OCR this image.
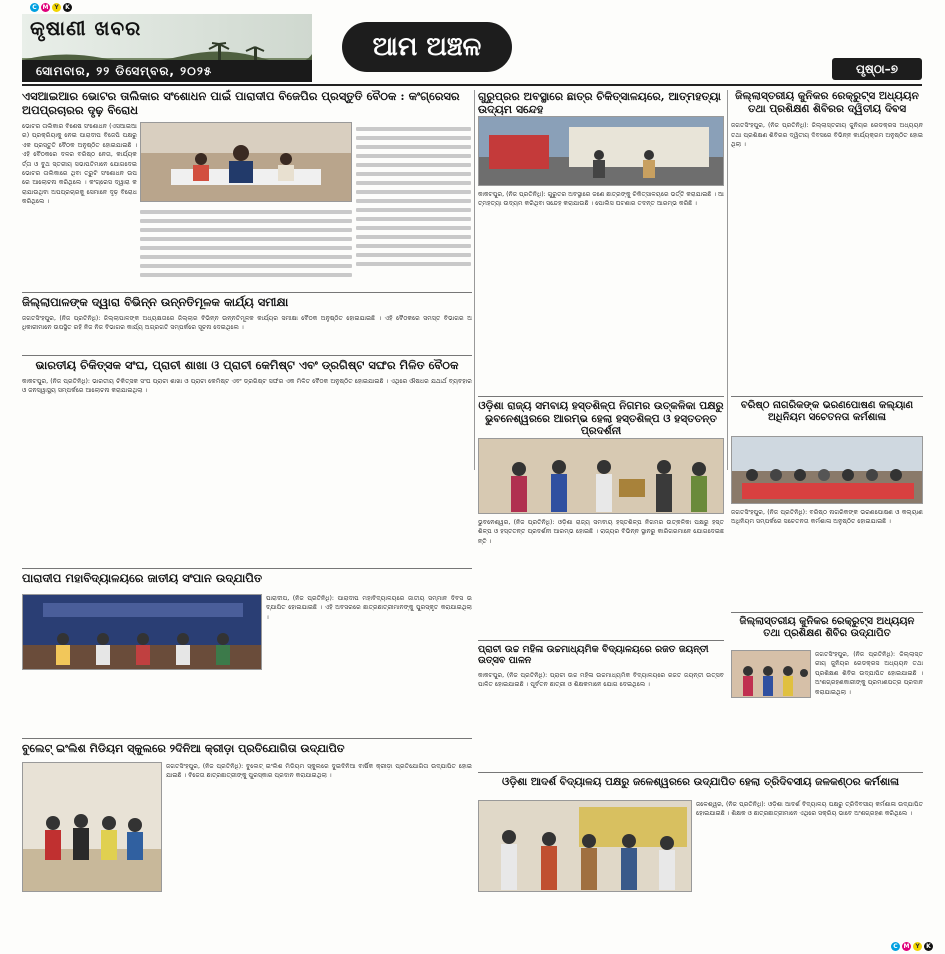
C M Y	K
C M Y	K
କୃଷାଣୀ ଖବର
ସୋମବାର, ୨୨ ଡିସେମ୍ବର, ୨୦୨୫
ଆମ ଅଞ୍ଚଳ
ପୃଷ୍ଠା–୭
ଏସଆଇଆର ଭୋଟର ତାଲିକାର ସଂଶୋଧନ ପାଇଁ ପାରାଦୀପ ବିଜେପିର ପ୍ରସ୍ତୁତି ବୈଠକ : କଂଗ୍ରେସର ଅପପ୍ରଚାରର ଦୃଢ଼ ବିରୋଧ
ଭୋଟର ତାଲିକାର ବିଶେଷ ସଂଶୋଧନ (ଏସଆଇଆର) ପ୍ରକ୍ରିୟାକୁ ନେଇ ପାରାଦୀପ ବିଜେପି ପକ୍ଷରୁ ଏକ ପ୍ରସ୍ତୁତି ବୈଠକ ଅନୁଷ୍ଠିତ ହୋଇଯାଇଛି । ଏହି ବୈଠକରେ ଦଳର ବରିଷ୍ଠ ନେତା, କାର୍ଯ୍ୟକର୍ତ୍ତା ଓ ବୁଥ ସ୍ତରୀୟ ସଭାପତିମାନେ ଯୋଗଦେଇ ଭୋଟର ତାଲିକାରେ ଥିବା ତ୍ରୁଟି ସଂଶୋଧନ ଉପରେ ଆଲୋଚନା କରିଥିଲେ । କଂଗ୍ରେସ ଦ୍ୱାରା କରାଯାଉଥିବା ଅପପ୍ରଚାରକୁ ସେମାନେ ଦୃଢ଼ ବିରୋଧ କରିଥିଲେ ।
ଜିଲ୍ଲାପାଳଙ୍କ ଦ୍ୱାରା ବିଭିନ୍ନ ଉନ୍ନତିମୂଳକ କାର୍ଯ୍ୟ ସମୀକ୍ଷା
ଜଗତସିଂହପୁର, (ନିଜ ପ୍ରତିନିଧି): ଜିଲ୍ଲାପାଳଙ୍କ ଅଧ୍ୟକ୍ଷତାରେ ଜିଲ୍ଲାର ବିଭିନ୍ନ ଉନ୍ନତିମୂଳକ କାର୍ଯ୍ୟର ସମୀକ୍ଷା ବୈଠକ ଅନୁଷ୍ଠିତ ହୋଇଯାଇଛି । ଏହି ବୈଠକରେ ସମସ୍ତ ବିଭାଗର ଅଧିକାରୀମାନେ ଉପସ୍ଥିତ ରହି ନିଜ ନିଜ ବିଭାଗର କାର୍ଯ୍ୟ ଅଗ୍ରଗତି ସମ୍ପର୍କରେ ସୂଚନା ଦେଇଥିଲେ ।
ଭାରତୀୟ ଚିକିତ୍ସକ ସଂଘ, ପ୍ରାଚୀ ଶାଖା ଓ ପ୍ରାଚୀ କେମିଷ୍ଟ ଏବଂ ଡ୍ରଗିଷ୍ଟ ସଙ୍ଘର ମିଳିତ ବୈଠକ
କାକଟପୁର, (ନିଜ ପ୍ରତିନିଧି): ଭାରତୀୟ ଚିକିତ୍ସକ ସଂଘ ପ୍ରାଚୀ ଶାଖା ଓ ପ୍ରାଚୀ କେମିଷ୍ଟ ଏବଂ ଡ୍ରଗିଷ୍ଟ ସଙ୍ଘର ଏକ ମିଳିତ ବୈଠକ ଅନୁଷ୍ଠିତ ହୋଇଯାଇଛି । ଏଥିରେ ଔଷଧର ଯଥାର୍ଥ ବ୍ୟବହାର ଓ ଜନସ୍ୱାସ୍ଥ୍ୟ ସମ୍ପର୍କରେ ଆଲୋଚନା କରାଯାଇଥିଲା ।
ପାରାଦୀପ ମହାବିଦ୍ୟାଳୟରେ ଜାତୀୟ ସଂପାନ ଉଦ୍‌ଯାପିତ
ପାରାଦୀପ, (ନିଜ ପ୍ରତିନିଧି): ପାରାଦୀପ ମହାବିଦ୍ୟାଳୟରେ ଜାତୀୟ ସମ୍ମାନ ଦିବସ ଉଦ୍‌ଯାପିତ ହୋଇଯାଇଛି । ଏହି ଅବସରରେ ଛାତ୍ରଛାତ୍ରୀମାନଙ୍କୁ ପୁରସ୍କୃତ କରାଯାଇଥିଲା ।
ବୁଲେଟ୍ ଇଂଲିଶ ମିଡିୟମ ସ୍କୁଲରେ ୨ଦିନିଆ କ୍ରୀଡ଼ା ପ୍ରତିଯୋଗିତା ଉଦ୍‌ଯାପିତ
ଜଗତସିଂହପୁର, (ନିଜ ପ୍ରତିନିଧି): ବୁଲେଟ୍ ଇଂଲିଶ ମିଡିୟମ ସ୍କୁଲରେ ଦୁଇଦିନିଆ ବାର୍ଷିକ କ୍ରୀଡ଼ା ପ୍ରତିଯୋଗିତା ଉଦ୍‌ଯାପିତ ହୋଇଯାଇଛି । ବିଜେତା ଛାତ୍ରଛାତ୍ରୀଙ୍କୁ ପୁରସ୍କାର ପ୍ରଦାନ କରାଯାଇଥିଲା ।
ଗୁରୁପ୍ରର ଅବସ୍ଥାରେ ଛାତ୍ର ଚିକିତ୍ସାଳୟରେ, ଆତ୍ମହତ୍ୟା ଉଦ୍ୟମ ସନ୍ଦେହ
କାକଟପୁର, (ନିଜ ପ୍ରତିନିଧି): ଗୁରୁତର ଅବସ୍ଥାରେ ଜଣେ ଛାତ୍ରଙ୍କୁ ଚିକିତ୍ସାଳୟରେ ଭର୍ତ୍ତି କରାଯାଇଛି । ଆତ୍ମହତ୍ୟା ଉଦ୍ୟମ କରିଥିବା ସନ୍ଦେହ କରାଯାଉଛି । ପୋଲିସ ଘଟଣାର ତଦନ୍ତ ଆରମ୍ଭ କରିଛି ।
ଓଡ଼ିଶା ରାଜ୍ୟ ସମବାୟ ହସ୍ତଶିଳ୍ପ ନିଗମର ଉତ୍କଳିକା ପକ୍ଷରୁ ଭୁବନେଶ୍ୱରରେ ଆରମ୍ଭ ହେଲା ହସ୍ତଶିଳ୍ପ ଓ ହସ୍ତତନ୍ତ ପ୍ରଦର୍ଶନୀ
ଭୁବନେଶ୍ୱର, (ନିଜ ପ୍ରତିନିଧି): ଓଡ଼ିଶା ରାଜ୍ୟ ସମବାୟ ହସ୍ତଶିଳ୍ପ ନିଗମର ଉତ୍କଳିକା ପକ୍ଷରୁ ହସ୍ତଶିଳ୍ପ ଓ ହସ୍ତତନ୍ତ ପ୍ରଦର୍ଶନୀ ଆରମ୍ଭ ହୋଇଛି । ରାଜ୍ୟର ବିଭିନ୍ନ ସ୍ଥାନରୁ କାରିଗରମାନେ ଯୋଗଦେଇଛନ୍ତି ।
ପ୍ରାଚୀ ଉଚ୍ଚ ମହିଳା ଉଚ୍ଚମାଧ୍ୟମିକ ବିଦ୍ୟାଳୟରେ ରଜତ ଜୟନ୍ତୀ ଉତ୍ସବ ପାଳନ
କାକଟପୁର, (ନିଜ ପ୍ରତିନିଧି): ପ୍ରାଚୀ ଉଚ୍ଚ ମହିଳା ଉଚ୍ଚମାଧ୍ୟମିକ ବିଦ୍ୟାଳୟରେ ରଜତ ଜୟନ୍ତୀ ଉତ୍ସବ ପାଳିତ ହୋଇଯାଇଛି । ପୂର୍ବତନ ଛାତ୍ରୀ ଓ ଶିକ୍ଷକମାନେ ଯୋଗ ଦେଇଥିଲେ ।
ଜିଲ୍ଲାସ୍ତରୀୟ କୁନିକର ରେକ୍ରୁଟ୍ସ ଅଧ୍ୟୟନ ତଥା ପ୍ରଶିକ୍ଷଣ ଶିବିରର ଦ୍ୱିତୀୟ ଦିବସ
ଜଗତସିଂହପୁର, (ନିଜ ପ୍ରତିନିଧି): ଜିଲ୍ଲାସ୍ତରୀୟ ଜୁନିୟର ରେଡକ୍ରସ ଅଧ୍ୟୟନ ତଥା ପ୍ରଶିକ୍ଷଣ ଶିବିରର ଦ୍ୱିତୀୟ ଦିବସରେ ବିଭିନ୍ନ କାର୍ଯ୍ୟକ୍ରମ ଅନୁଷ୍ଠିତ ହୋଇଥିଲା ।
ବରିଷ୍ଠ ନାଗରିକଙ୍କ ଭରଣପୋଷଣ କଲ୍ୟାଣ ଅଧିନିୟମ ସଚେତନତା କର୍ମଶାଳା
ଜଗତସିଂହପୁର, (ନିଜ ପ୍ରତିନିଧି): ବରିଷ୍ଠ ନାଗରିକଙ୍କ ଭରଣପୋଷଣ ଓ କଲ୍ୟାଣ ଅଧିନିୟମ ସମ୍ପର୍କରେ ସଚେତନତା କର୍ମଶାଳା ଅନୁଷ୍ଠିତ ହୋଇଯାଇଛି ।
ଜିଲ୍ଲାସ୍ତରୀୟ କୁନିକର ରେକ୍ରୁଟ୍ସ ଅଧ୍ୟୟନ ତଥା ପ୍ରଶିକ୍ଷଣ ଶିବିର ଉଦ୍‌ଯାପିତ
ଜଗତସିଂହପୁର, (ନିଜ ପ୍ରତିନିଧି): ଜିଲ୍ଲାସ୍ତରୀୟ ଜୁନିୟର ରେଡକ୍ରସ ଅଧ୍ୟୟନ ତଥା ପ୍ରଶିକ୍ଷଣ ଶିବିର ଉଦ୍‌ଯାପିତ ହୋଇଯାଇଛି । ଅଂଶଗ୍ରହଣକାରୀଙ୍କୁ ପ୍ରମାଣପତ୍ର ପ୍ରଦାନ କରାଯାଇଥିଲା ।
ଓଡ଼ିଶା ଆଦର୍ଶ ବିଦ୍ୟାଳୟ ପକ୍ଷରୁ ଜଳେଶ୍ୱରରେ ଉଦ୍‌ଯାପିତ ହେଲା ତ୍ରିଦିବସୀୟ ଜଳକଣ୍ଠର କର୍ମଶାଳା
ଜଳେଶ୍ୱର, (ନିଜ ପ୍ରତିନିଧି): ଓଡ଼ିଶା ଆଦର୍ଶ ବିଦ୍ୟାଳୟ ପକ୍ଷରୁ ତ୍ରିଦିବସୀୟ କର୍ମଶାଳା ଉଦ୍‌ଯାପିତ ହୋଇଯାଇଛି । ଶିକ୍ଷକ ଓ ଛାତ୍ରଛାତ୍ରୀମାନେ ଏଥିରେ ସକ୍ରିୟ ଭାବେ ଅଂଶଗ୍ରହଣ କରିଥିଲେ ।
